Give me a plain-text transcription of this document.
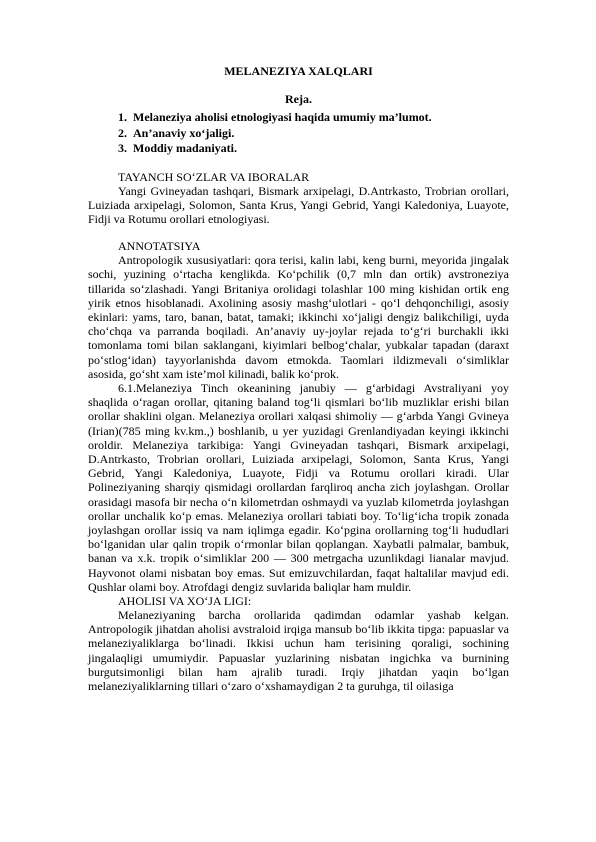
MELANEZIYA XALQLARI
Reja.
1. Melaneziya aholisi etnologiyasi haqida umumiy ma’lumot.
2. An’anaviy xo‘jaligi.
3. Moddiy madaniyati.
TAYANCH SO‘ZLAR VA IBORALAR

Yangi Gvineyadan tashqari, Bismark arxipelagi, D.Antrkasto, Trobrian orollari, Luiziada arxipelagi, Solomon, Santa Krus, Yangi Gebrid, Yangi Kaledoniya, Luayote, Fidji va Rotumu orollari etnologiyasi.

ANNOTATSIYA

Antropologik xususiyatlari: qora terisi, kalin labi, keng burni, meyorida jingalak sochi, yuzining o‘rtacha kenglikda. Ko‘pchilik (0,7 mln dan ortik) avstroneziya tillarida so‘zlashadi. Yangi Britaniya orolidagi tolashlar 100 ming kishidan ortik eng yirik etnos hisoblanadi. Axolining asosiy mashg‘ulotlari - qo‘l dehqonchiligi, asosiy ekinlari: yams, taro, banan, batat, tamaki; ikkinchi xo‘jaligi dengiz balikchiligi, uyda cho‘chqa va parranda boqiladi. An’anaviy uy-joylar rejada to‘g‘ri burchakli ikki tomonlama tomi bilan saklangani, kiyimlari belbog‘chalar, yubkalar tapadan (daraxt po‘stlog‘idan) tayyorlanishda davom etmokda. Taomlari ildizmevali o‘simliklar asosida, go‘sht xam iste’mol kilinadi, balik ko‘prok.

6.1.Melaneziya Tinch okeanining janubiy — g‘arbidagi Avstraliyani yoy shaqlida o‘ragan orollar, qitaning baland tog‘li qismlari bo‘lib muzliklar erishi bilan orollar shaklini olgan. Melaneziya orollari xalqasi shimoliy — g‘arbda Yangi Gvineya (Irian)(785 ming kv.km.,) boshlanib, u yer yuzidagi Grenlandiyadan keyingi ikkinchi oroldir. Melaneziya tarkibiga: Yangi Gvineyadan tashqari, Bismark arxipelagi, D.Antrkasto, Trobrian orollari, Luiziada arxipelagi, Solomon, Santa Krus, Yangi Gebrid, Yangi Kaledoniya, Luayote, Fidji va Rotumu orollari kiradi. Ular Polineziyaning sharqiy qismidagi orollardan farqliroq ancha zich joylashgan. Orollar orasidagi masofa bir necha o‘n kilometrdan oshmaydi va yuzlab kilometrda joylashgan orollar unchalik ko‘p emas. Melaneziya orollari tabiati boy. To‘lig‘icha tropik zonada joylashgan orollar issiq va nam iqlimga egadir. Ko‘pgina orollarning tog‘li hududlari bo‘lganidan ular qalin tropik o‘rmonlar bilan qoplangan. Xaybatli palmalar, bambuk, banan va x.k. tropik o‘simliklar 200 — 300 metrgacha uzunlikdagi lianalar mavjud. Hayvonot olami nisbatan boy emas. Sut emizuvchilardan, faqat haltalilar mavjud edi. Qushlar olami boy. Atrofdagi dengiz suvlarida baliqlar ham muldir.

AHOLISI VA XO‘JA LIGI:

Melaneziyaning barcha orollarida qadimdan odamlar yashab kelgan. Antropologik jihatdan aholisi avstraloid irqiga mansub bo‘lib ikkita tipga: papuaslar va melaneziyaliklarga bo‘linadi. Ikkisi uchun ham terisining qoraligi, sochining jingalaqligi umumiydir. Papuaslar yuzlarining nisbatan ingichka va burnining burgutsimonligi bilan ham ajralib turadi. Irqiy jihatdan yaqin bo‘lgan melaneziyaliklarning tillari o‘zaro o‘xshamaydigan 2 ta guruhga, til oilasiga
